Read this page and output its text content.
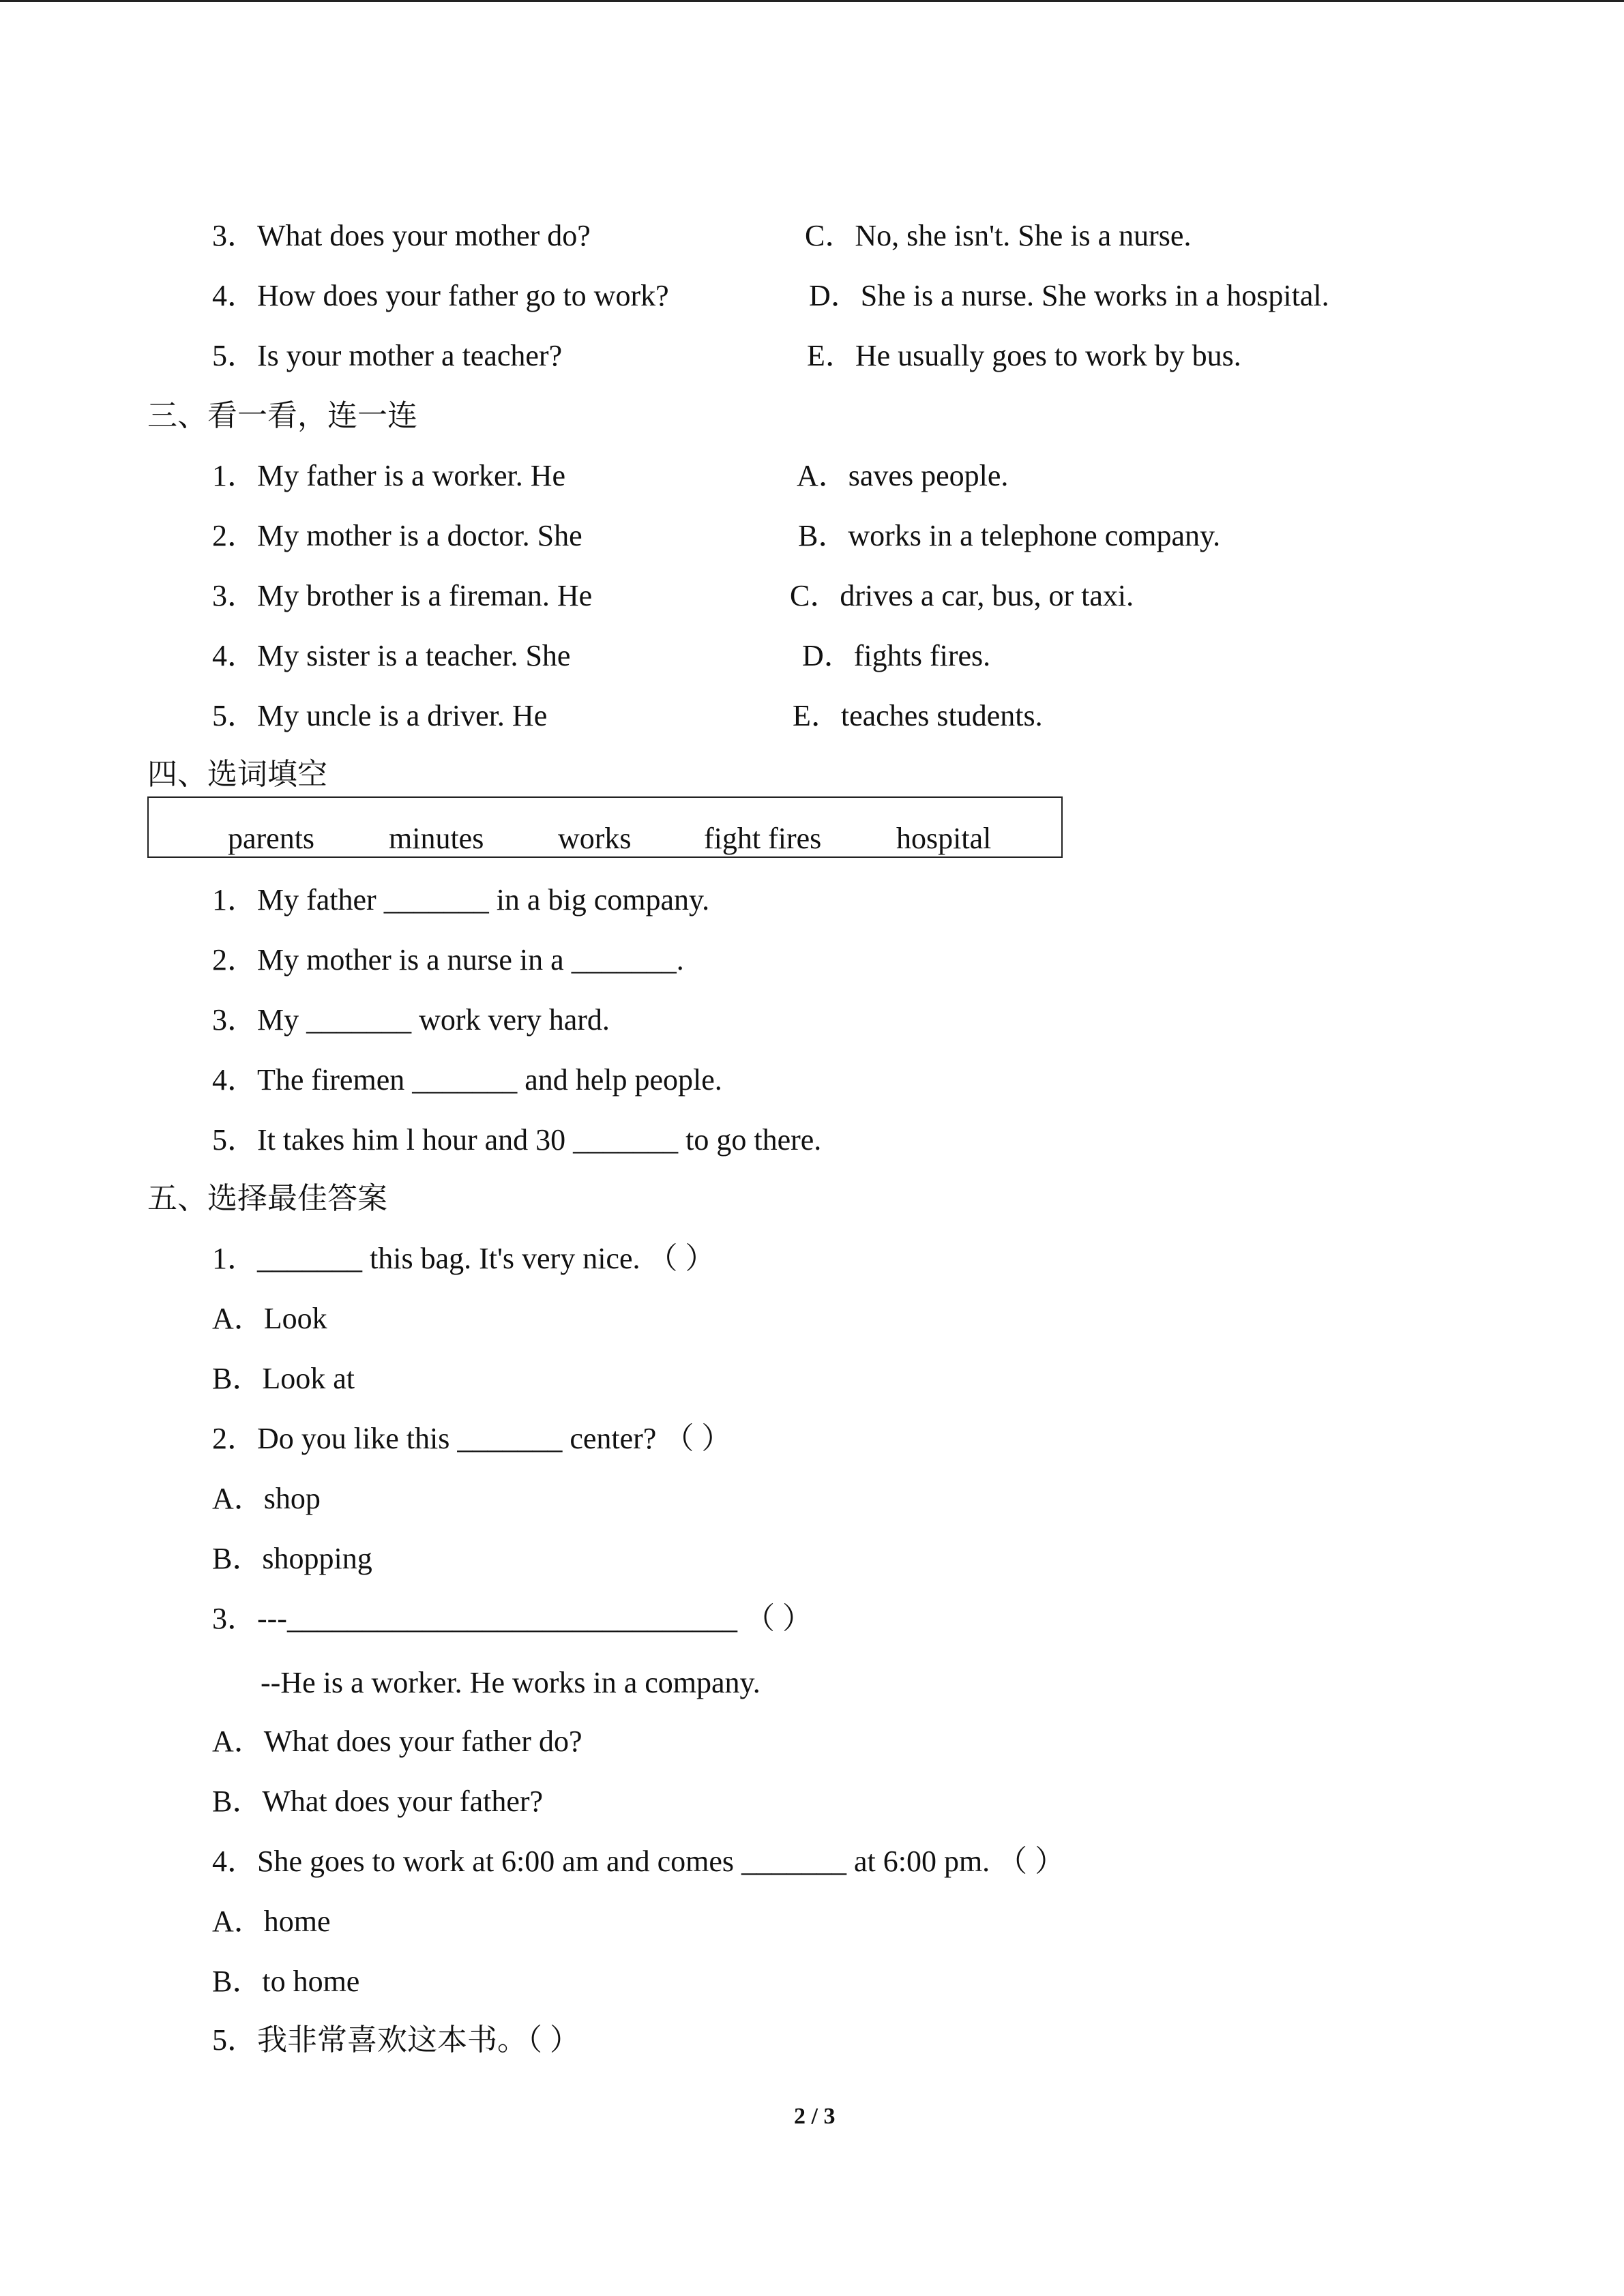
3．What does your mother do?
4．How does your father go to work?
5．Is your mother a teacher?
C．No, she isn't. She is a nurse.
D．She is a nurse. She works in a hospital.
E．He usually goes to work by bus.
三、看一看，连一连
1．My father is a worker. He
2．My mother is a doctor. She
3．My brother is a fireman. He
4．My sister is a teacher. She
5．My uncle is a driver. He
A．saves people.
B．works in a telephone company.
C．drives a car, bus, or taxi.
D．fights fires.
E．teaches students.
四、选词填空
parents minutes works fight fires hospital
1．My father _______ in a big company.
2．My mother is a nurse in a _______.
3．My _______ work very hard.
4．The firemen _______ and help people.
5．It takes him l hour and 30 _______ to go there.
五、选择最佳答案
1．_______ this bag. It's very nice. （ ）
A．Look
B．Look at
2．Do you like this _______ center? （ ）
A．shop
B．shopping
3．---______________________________ （ ）
--He is a worker. He works in a company.
A．What does your father do?
B．What does your father?
4．She goes to work at 6:00 am and comes _______ at 6:00 pm. （ ）
A．home
B．to home
5．我非常喜欢这本书。（ ）
2 / 3
